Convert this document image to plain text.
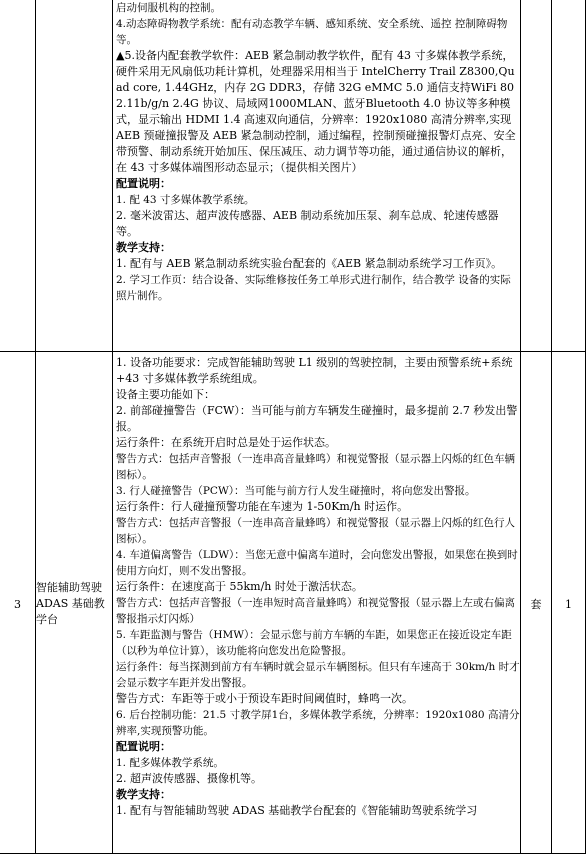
启动伺服机构的控制。

4.动态障碍物教学系统：配有动态教学车辆、感知系统、安全系统、遥控 控制障碍物等。

▲5.设备内配套教学软件：AEB 紧急制动教学软件，配有 43 寸多媒体教学系统，硬件采用无风扇低功耗计算机，处理器采用相当于 IntelCherry Trail Z8300,Quad core, 1.44GHz，内存 2G DDR3，存储 32G eMMC 5.0 通信支持WiFi 802.11b/g/n 2.4G 协议、局域网1000MLAN、蓝牙Bluetooth 4.0 协议等多种模式，显示输出 HDMI 1.4 高速双向通信，分辨率：1920x1080 高清分辨率,实现 AEB 预碰撞报警及 AEB 紧急制动控制，通过编程，控制预碰撞报警灯点亮、安全带预警、制动系统开始加压、保压减压、动力调节等功能，通过通信协议的解析，在 43 寸多媒体端图形动态显示；（提供相关图片）

配置说明：

1. 配 43 寸多媒体教学系统。

2. 毫米波雷达、超声波传感器、AEB 制动系统加压泵、刹车总成、轮速传感器等。

教学支持：

1. 配有与 AEB 紧急制动系统实验台配套的《AEB 紧急制动系统学习工作页》。

2. 学习工作页：结合设备、实际维修按任务工单形式进行制作，结合教学 设备的实际照片制作。

3
智能辅助驾驶ADAS 基础教学台
套	1

1. 设备功能要求：完成智能辅助驾驶 L1 级别的驾驶控制，主要由预警系统+系统+43 寸多媒体教学系统组成。

设备主要功能如下：

2. 前部碰撞警告（FCW）：当可能与前方车辆发生碰撞时，最多提前 2.7 秒发出警报。

运行条件：在系统开启时总是处于运作状态。

警告方式：包括声音警报（一连串高音量蜂鸣）和视觉警报（显示器上闪烁的红色车辆图标）。

3. 行人碰撞警告（PCW）：当可能与前方行人发生碰撞时，将向您发出警报。

运行条件：行人碰撞预警功能在车速为 1-50Km/h 时运作。

警告方式：包括声音警报（一连串高音量蜂鸣）和视觉警报（显示器上闪烁的红色行人图标）。

4. 车道偏离警告（LDW）：当您无意中偏离车道时，会向您发出警报，如果您在换到时使用方向灯，则不发出警报。

运行条件：在速度高于 55km/h 时处于激活状态。

警告方式：包括声音警报（一连串短时高音量蜂鸣）和视觉警报（显示器上左或右偏离警报指示灯闪烁）

5. 车距监测与警告（HMW）：会显示您与前方车辆的车距，如果您正在接近设定车距（以秒为单位计算），该功能将向您发出危险警报。

运行条件：每当探测到前方有车辆时就会显示车辆图标。但只有车速高于 30km/h 时才会显示数字车距并发出警报。

警告方式：车距等于或小于预设车距时间阈值时，蜂鸣一次。

6. 后台控制功能：21.5 寸教学屏1台，多媒体教学系统，分辨率：1920x1080 高清分辨率,实现预警功能。

配置说明：

1. 配多媒体教学系统。

2. 超声波传感器、摄像机等。

教学支持：

1. 配有与智能辅助驾驶 ADAS 基础教学台配套的《智能辅助驾驶系统学习
